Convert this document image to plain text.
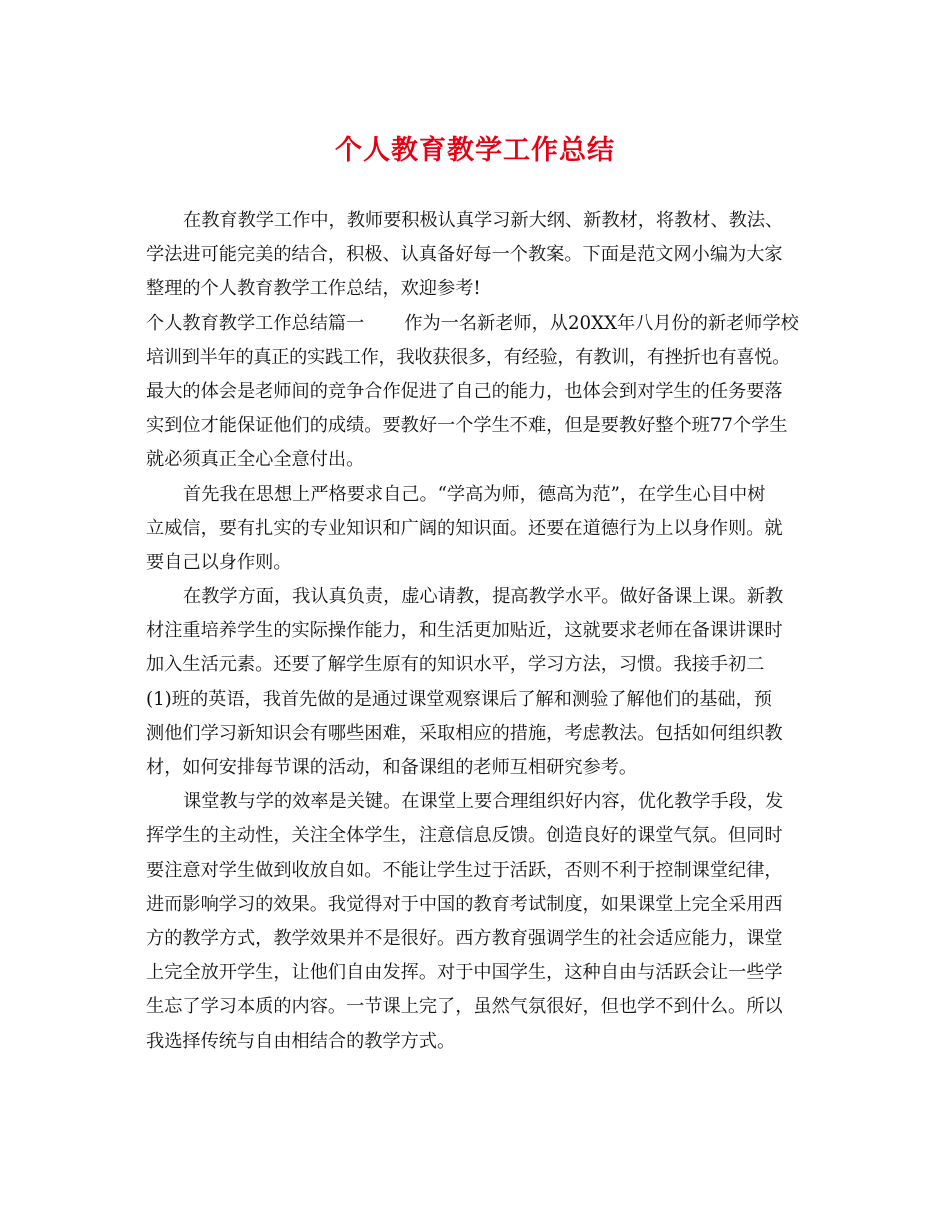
个人教育教学工作总结
在教育教学工作中，教师要积极认真学习新大纲、新教材，将教材、教法、
学法进可能完美的结合，积极、认真备好每一个教案。下面是范文网小编为大家
整理的个人教育教学工作总结，欢迎参考!
个人教育教学工作总结篇一 作为一名新老师，从20XX年八月份的新老师学校
培训到半年的真正的实践工作，我收获很多，有经验，有教训，有挫折也有喜悦。
最大的体会是老师间的竞争合作促进了自己的能力，也体会到对学生的任务要落
实到位才能保证他们的成绩。要教好一个学生不难，但是要教好整个班77个学生
就必须真正全心全意付出。
首先我在思想上严格要求自己。“学高为师，德高为范”，在学生心目中树
立威信，要有扎实的专业知识和广阔的知识面。还要在道德行为上以身作则。就
要自己以身作则。
在教学方面，我认真负责，虚心请教，提高教学水平。做好备课上课。新教
材注重培养学生的实际操作能力，和生活更加贴近，这就要求老师在备课讲课时
加入生活元素。还要了解学生原有的知识水平，学习方法，习惯。我接手初二
(1)班的英语，我首先做的是通过课堂观察课后了解和测验了解他们的基础，预
测他们学习新知识会有哪些困难，采取相应的措施，考虑教法。包括如何组织教
材，如何安排每节课的活动，和备课组的老师互相研究参考。
课堂教与学的效率是关键。在课堂上要合理组织好内容，优化教学手段，发
挥学生的主动性，关注全体学生，注意信息反馈。创造良好的课堂气氛。但同时
要注意对学生做到收放自如。不能让学生过于活跃，否则不利于控制课堂纪律，
进而影响学习的效果。我觉得对于中国的教育考试制度，如果课堂上完全采用西
方的教学方式，教学效果并不是很好。西方教育强调学生的社会适应能力，课堂
上完全放开学生，让他们自由发挥。对于中国学生，这种自由与活跃会让一些学
生忘了学习本质的内容。一节课上完了，虽然气氛很好，但也学不到什么。所以
我选择传统与自由相结合的教学方式。
